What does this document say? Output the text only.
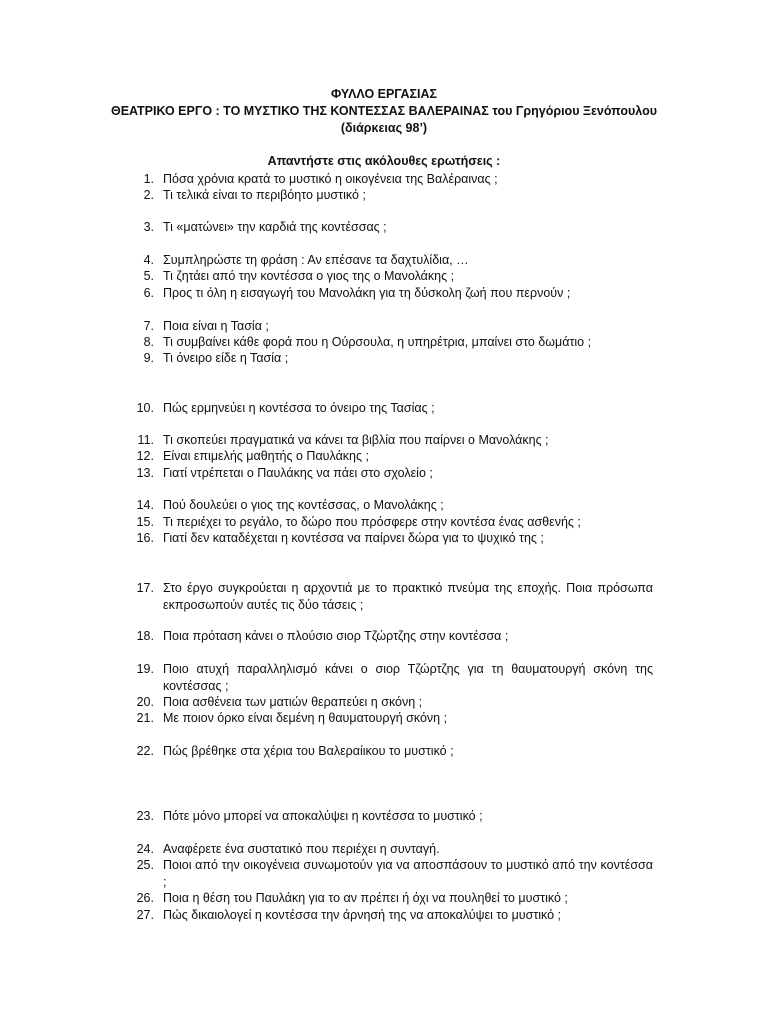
ΦΥΛΛΟ ΕΡΓΑΣΙΑΣ
ΘΕΑΤΡΙΚΟ ΕΡΓΟ : ΤΟ ΜΥΣΤΙΚΟ ΤΗΣ ΚΟΝΤΕΣΣΑΣ ΒΑΛΕΡΑΙΝΑΣ του Γρηγόριου Ξενόπουλου
(διάρκειας 98’)
Απαντήστε στις ακόλουθες ερωτήσεις :
1. Πόσα χρόνια κρατά το μυστικό η οικογένεια της Βαλέραινας ;
2. Τι τελικά είναι το περιβόητο μυστικό ;
3. Τι «ματώνει» την καρδιά της κοντέσσας ;
4. Συμπληρώστε τη φράση : Αν επέσανε τα δαχτυλίδια, …
5. Τι ζητάει από την κοντέσσα ο γιος της ο Μανολάκης ;
6. Προς τι όλη η εισαγωγή του Μανολάκη για τη δύσκολη ζωή που περνούν ;
7. Ποια είναι η Τασία ;
8. Τι συμβαίνει κάθε φορά που η Ούρσουλα, η υπηρέτρια, μπαίνει στο δωμάτιο ;
9. Τι όνειρο είδε η Τασία ;
10. Πώς ερμηνεύει η κοντέσσα το όνειρο της Τασίας ;
11. Τι σκοπεύει πραγματικά να κάνει τα βιβλία που παίρνει ο Μανολάκης ;
12. Είναι επιμελής μαθητής ο Παυλάκης ;
13. Γιατί ντρέπεται ο Παυλάκης να πάει στο σχολείο ;
14. Πού δουλεύει ο γιος της κοντέσσας, ο Μανολάκης ;
15. Τι περιέχει το ρεγάλο, το δώρο που πρόσφερε στην κοντέσα ένας ασθενής ;
16. Γιατί δεν καταδέχεται η κοντέσσα να παίρνει δώρα για το ψυχικό της ;
17. Στο έργο συγκρούεται η αρχοντιά με το πρακτικό πνεύμα της εποχής. Ποια πρόσωπα εκπροσωπούν αυτές τις δύο τάσεις ;
18. Ποια πρόταση κάνει ο πλούσιο σιορ Τζώρτζης στην κοντέσσα ;
19. Ποιο ατυχή παραλληλισμό κάνει ο σιορ Τζώρτζης για τη θαυματουργή σκόνη της κοντέσσας ;
20. Ποια ασθένεια των ματιών θεραπεύει η σκόνη ;
21. Με ποιον όρκο είναι δεμένη η θαυματουργή σκόνη ;
22. Πώς βρέθηκε στα χέρια του Βαλεραίικου το μυστικό ;
23. Πότε μόνο μπορεί να αποκαλύψει η κοντέσσα το μυστικό ;
24. Αναφέρετε ένα συστατικό που περιέχει η συνταγή.
25. Ποιοι από την οικογένεια συνωμοτούν για να αποσπάσουν το μυστικό από την κοντέσσα ;
26. Ποια η θέση του Παυλάκη για το αν πρέπει ή όχι να πουληθεί το μυστικό ;
27. Πώς δικαιολογεί η κοντέσσα την άρνησή της να αποκαλύψει το μυστικό ;
